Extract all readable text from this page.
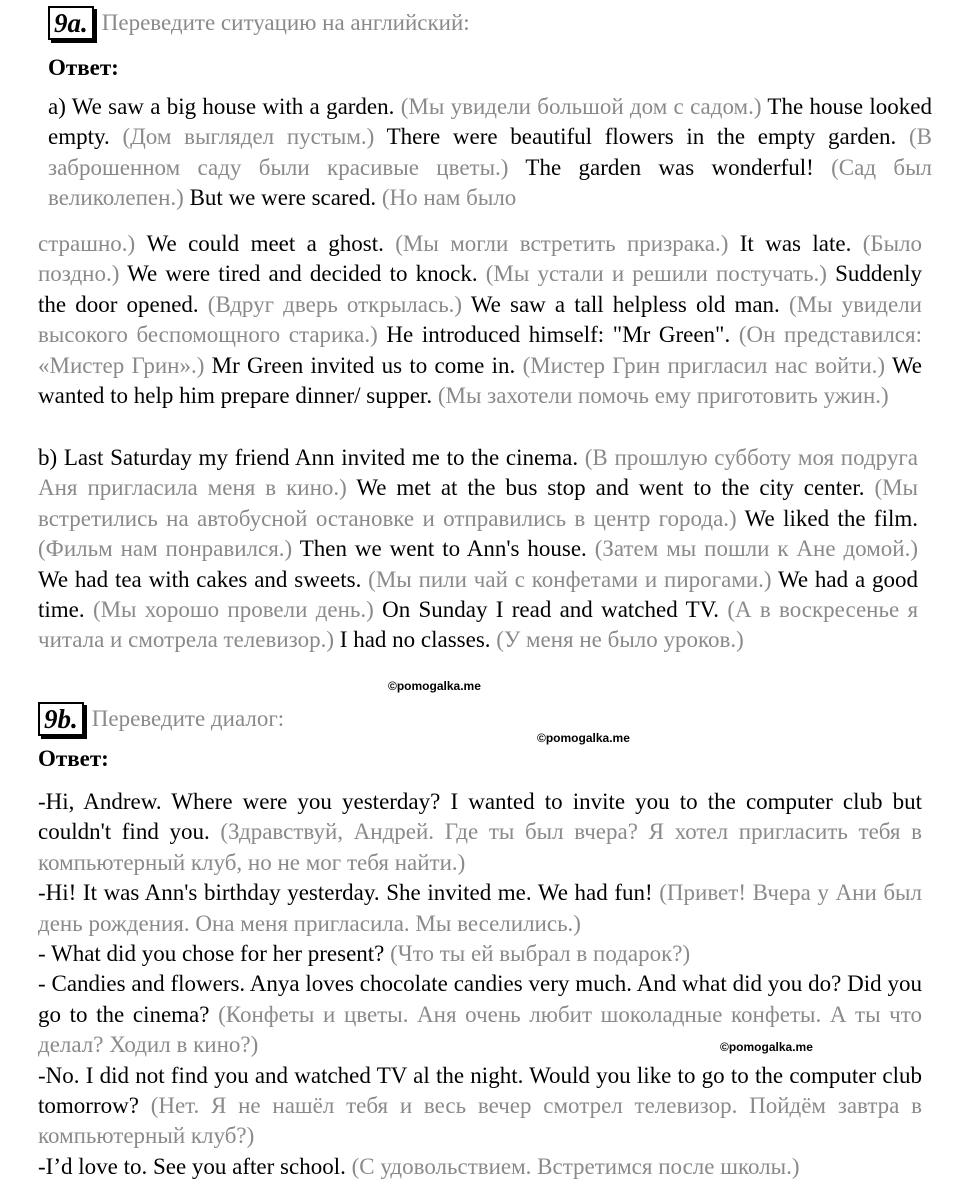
9a. Переведите ситуацию на английский:
Ответ:

a) We saw a big house with a garden. (Мы увидели большой дом с садом.) The house looked empty. (Дом выглядел пустым.) There were beautiful flowers in the empty garden. (В заброшенном саду были красивые цветы.) The garden was wonderful! (Сад был великолепен.) But we were scared. (Но нам было

страшно.) We could meet a ghost. (Мы могли встретить призрака.) It was late. (Было поздно.) We were tired and decided to knock. (Мы устали и решили постучать.) Suddenly the door opened. (Вдруг дверь открылась.) We saw a tall helpless old man. (Мы увидели высокого беспомощного старика.) He introduced himself: "Mr Green". (Он представился: «Мистер Грин».) Mr Green invited us to come in. (Мистер Грин пригласил нас войти.) We wanted to help him prepare dinner/ supper. (Мы захотели помочь ему приготовить ужин.)

b) Last Saturday my friend Ann invited me to the cinema. (В прошлую субботу моя подруга Аня пригласила меня в кино.) We met at the bus stop and went to the city center. (Мы встретились на автобусной остановке и отправились в центр города.) We liked the film. (Фильм нам понравился.) Then we went to Ann's house. (Затем мы пошли к Ане домой.) We had tea with cakes and sweets. (Мы пили чай с конфетами и пирогами.) We had a good time. (Мы хорошо провели день.) On Sunday I read and watched TV. (А в воскресенье я читала и смотрела телевизор.) I had no classes. (У меня не было уроков.)

©pomogalka.me
9b. Переведите диалог:
©pomogalka.me
Ответ:

-Hi, Andrew. Where were you yesterday? I wanted to invite you to the computer club but couldn't find you. (Здравствуй, Андрей. Где ты был вчера? Я хотел пригласить тебя в компьютерный клуб, но не мог тебя найти.)
-Hi! It was Ann's birthday yesterday. She invited me. We had fun! (Привет! Вчера у Ани был день рождения. Она меня пригласила. Мы веселились.)
- What did you chose for her present? (Что ты ей выбрал в подарок?)
- Candies and flowers. Anya loves chocolate candies very much. And what did you do? Did you go to the cinema? (Конфеты и цветы. Аня очень любит шоколадные конфеты. А ты что делал? Ходил в кино?)
-No. I did not find you and watched TV al the night. Would you like to go to the computer club tomorrow? (Нет. Я не нашёл тебя и весь вечер смотрел телевизор. Пойдём завтра в компьютерный клуб?)
-I’d love to. See you after school. (С удовольствием. Встретимся после школы.)

©pomogalka.me
